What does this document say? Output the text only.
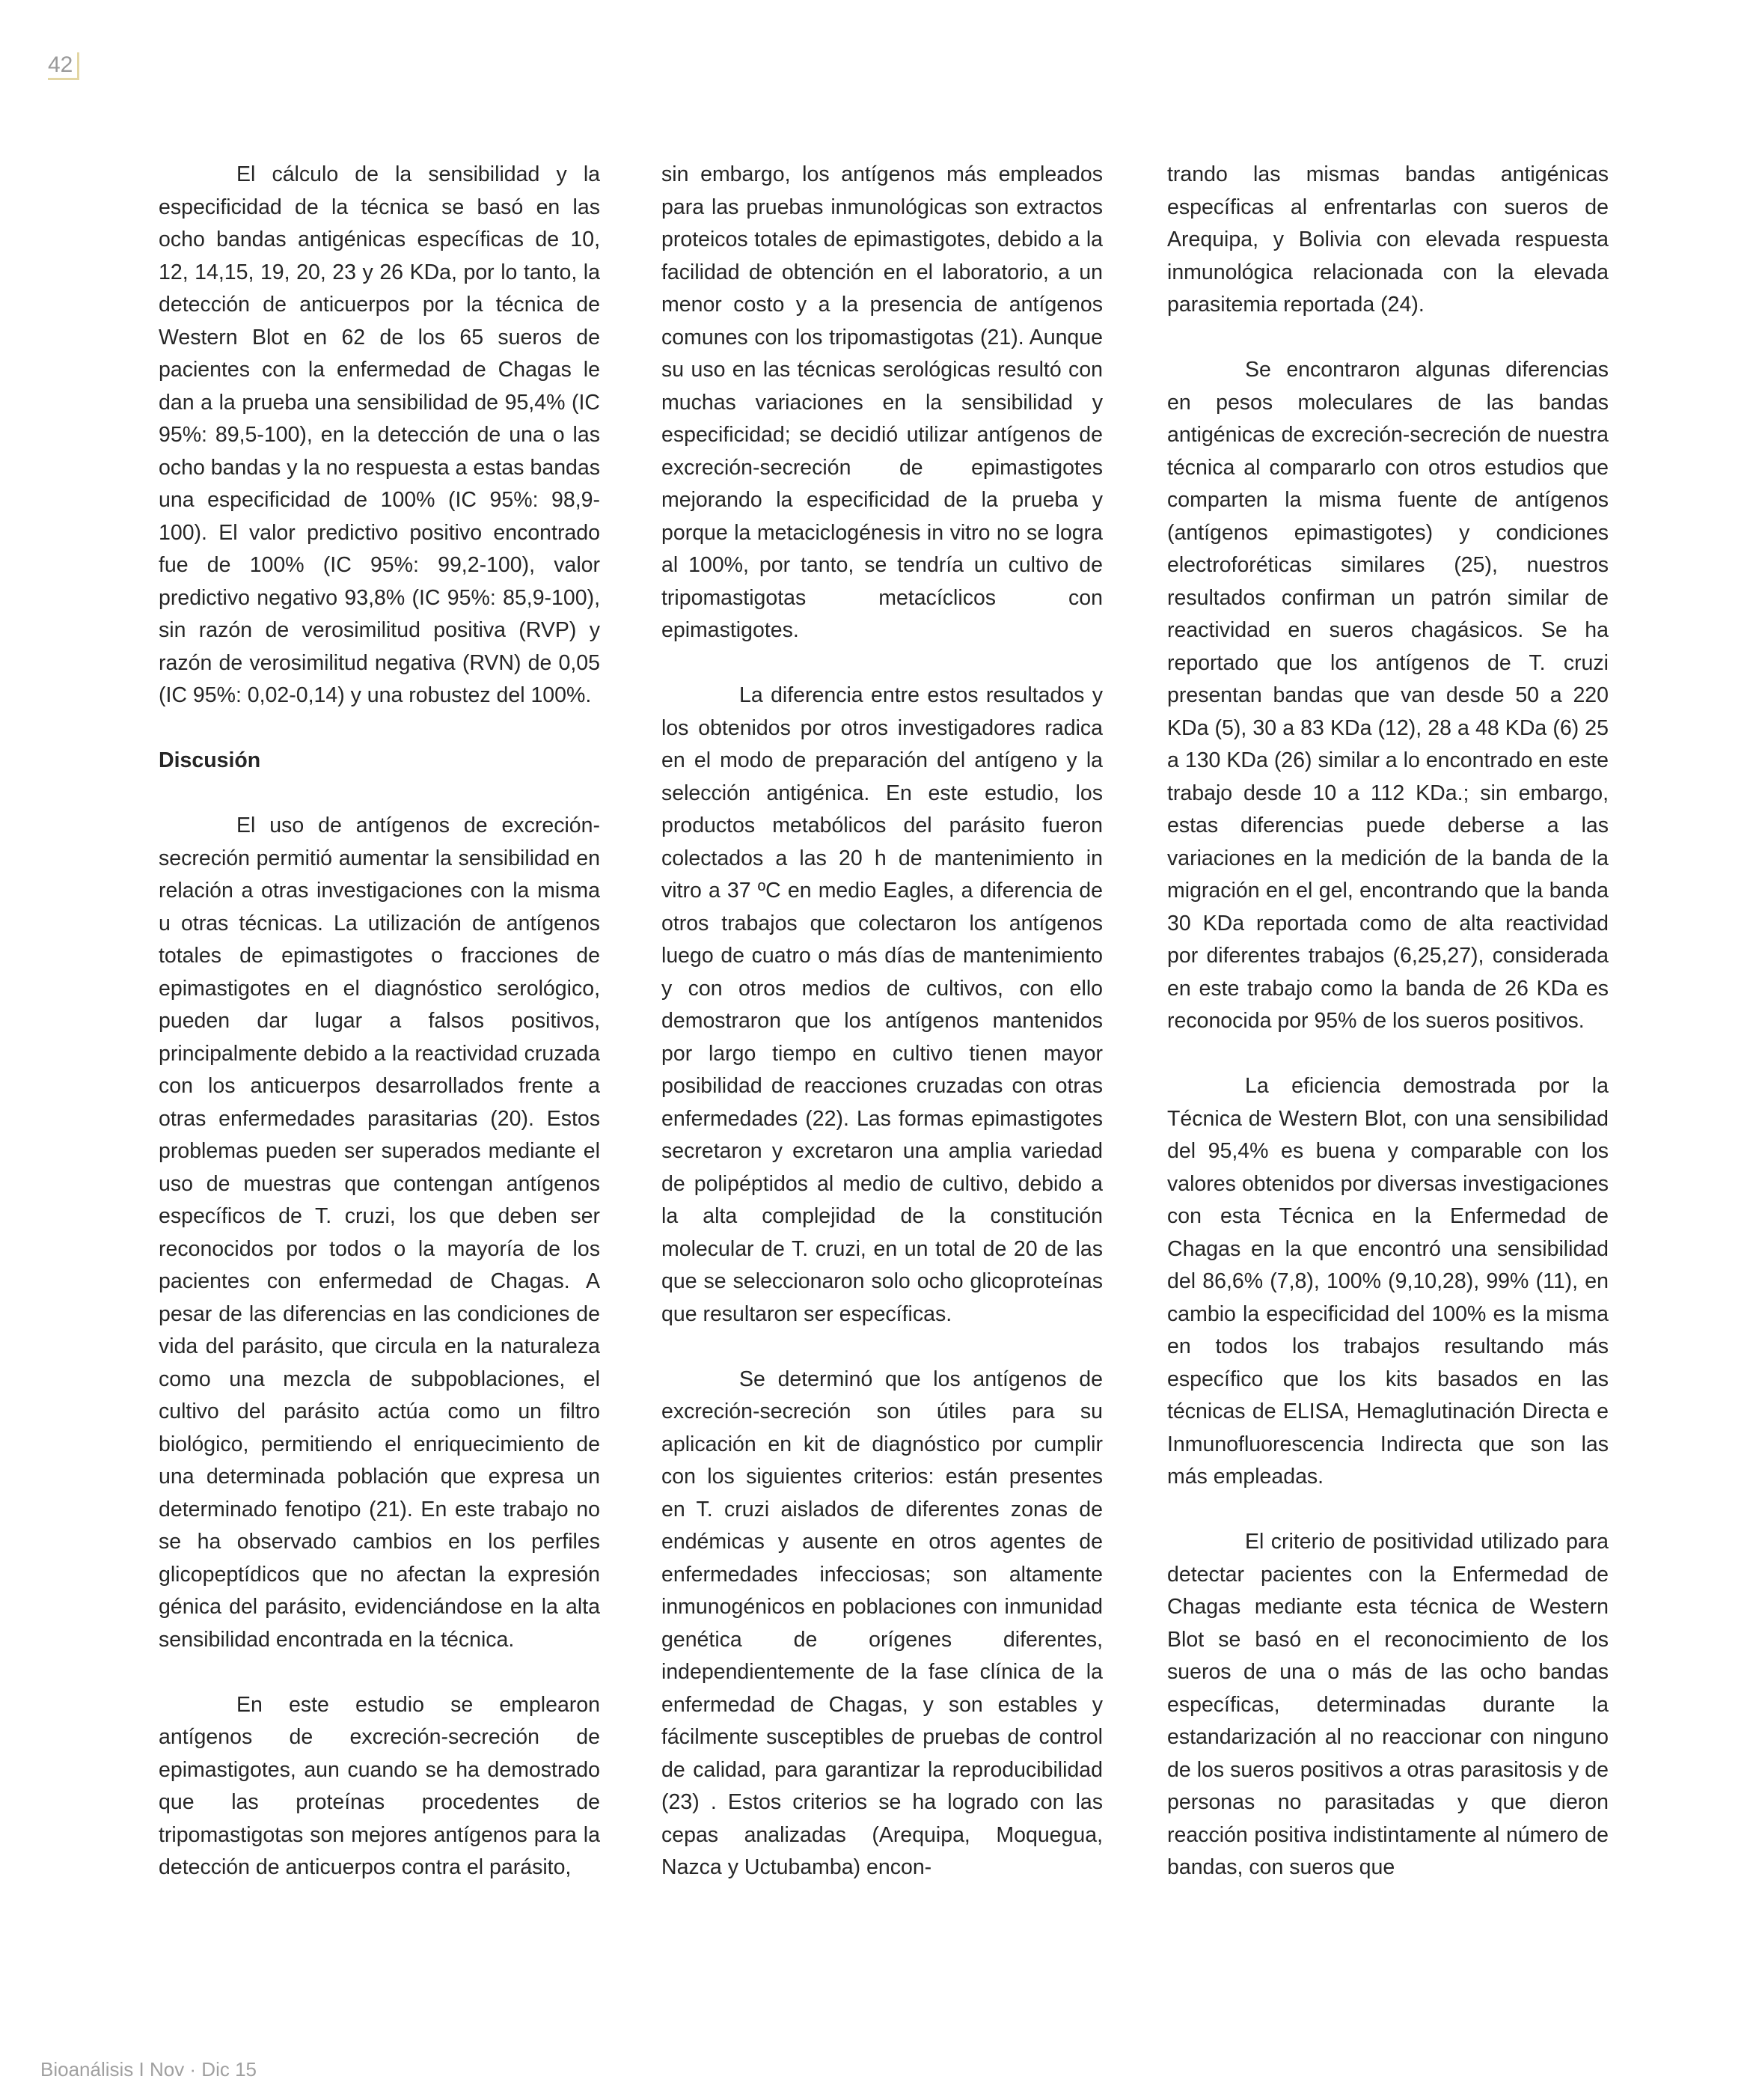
42

El cálculo de la sensibilidad y la especificidad de la técnica se basó en las ocho bandas antigénicas específicas de 10, 12, 14,15, 19, 20, 23 y 26 KDa, por lo tanto, la detección de anticuerpos por la técnica de Western Blot en 62 de los 65 sueros de pacientes con la enfermedad de Chagas le dan a la prueba una sensibilidad de 95,4% (IC 95%: 89,5-100), en la detección de una o las ocho bandas y la no respuesta a estas bandas una especificidad de 100% (IC 95%: 98,9-100). El valor predictivo positivo encontrado fue de 100% (IC 95%: 99,2-100), valor predictivo negativo 93,8% (IC 95%: 85,9-100), sin razón de verosimilitud positiva (RVP) y razón de verosimilitud negativa (RVN) de 0,05 (IC 95%: 0,02-0,14) y una robustez del 100%.

Discusión

El uso de antígenos de excreción-secreción permitió aumentar la sensibilidad en relación a otras investigaciones con la misma u otras técnicas. La utilización de antígenos totales de epimastigotes o fracciones de epimastigotes en el diagnóstico serológico, pueden dar lugar a falsos positivos, principalmente debido a la reactividad cruzada con los anticuerpos desarrollados frente a otras enfermedades parasitarias (20). Estos problemas pueden ser superados mediante el uso de muestras que contengan antígenos específicos de T. cruzi, los que deben ser reconocidos por todos o la mayoría de los pacientes con enfermedad de Chagas. A pesar de las diferencias en las condiciones de vida del parásito, que circula en la naturaleza como una mezcla de subpoblaciones, el cultivo del parásito actúa como un filtro biológico, permitiendo el enriquecimiento de una determinada población que expresa un determinado fenotipo (21). En este trabajo no se ha observado cambios en los perfiles glicopeptídicos que no afectan la expresión génica del parásito, evidenciándose en la alta sensibilidad encontrada en la técnica.

En este estudio se emplearon antígenos de excreción-secreción de epimastigotes, aun cuando se ha demostrado que las proteínas procedentes de tripomastigotas son mejores antígenos para la detección de anticuerpos contra el parásito,

sin embargo, los antígenos más empleados para las pruebas inmunológicas son extractos proteicos totales de epimastigotes, debido a la facilidad de obtención en el laboratorio, a un menor costo y a la presencia de antígenos comunes con los tripomastigotas (21). Aunque su uso en las técnicas serológicas resultó con muchas variaciones en la sensibilidad y especificidad; se decidió utilizar antígenos de excreción-secreción de epimastigotes mejorando la especificidad de la prueba y porque la metaciclogénesis in vitro no se logra al 100%, por tanto, se tendría un cultivo de tripomastigotas metacíclicos con epimastigotes.

La diferencia entre estos resultados y los obtenidos por otros investigadores radica en el modo de preparación del antígeno y la selección antigénica. En este estudio, los productos metabólicos del parásito fueron colectados a las 20 h de mantenimiento in vitro a 37 ºC en medio Eagles, a diferencia de otros trabajos que colectaron los antígenos luego de cuatro o más días de mantenimiento y con otros medios de cultivos, con ello demostraron que los antígenos mantenidos por largo tiempo en cultivo tienen mayor posibilidad de reacciones cruzadas con otras enfermedades (22). Las formas epimastigotes secretaron y excretaron una amplia variedad de polipéptidos al medio de cultivo, debido a la alta complejidad de la constitución molecular de T. cruzi, en un total de 20 de las que se seleccionaron solo ocho glicoproteínas que resultaron ser específicas.

Se determinó que los antígenos de excreción-secreción son útiles para su aplicación en kit de diagnóstico por cumplir con los siguientes criterios: están presentes en T. cruzi aislados de diferentes zonas de endémicas y ausente en otros agentes de enfermedades infecciosas; son altamente inmunogénicos en poblaciones con inmunidad genética de orígenes diferentes, independientemente de la fase clínica de la enfermedad de Chagas, y son estables y fácilmente susceptibles de pruebas de control de calidad, para garantizar la reproducibilidad (23) . Estos criterios se ha logrado con las cepas analizadas (Arequipa, Moquegua, Nazca y Uctubamba) encon-

trando las mismas bandas antigénicas específicas al enfrentarlas con sueros de Arequipa, y Bolivia con elevada respuesta inmunológica relacionada con la elevada parasitemia reportada (24).

Se encontraron algunas diferencias en pesos moleculares de las bandas antigénicas de excreción-secreción de nuestra técnica al compararlo con otros estudios que comparten la misma fuente de antígenos (antígenos epimastigotes) y condiciones electroforéticas similares (25), nuestros resultados confirman un patrón similar de reactividad en sueros chagásicos. Se ha reportado que los antígenos de T. cruzi presentan bandas que van desde 50 a 220 KDa (5), 30 a 83 KDa (12), 28 a 48 KDa (6) 25 a 130 KDa (26) similar a lo encontrado en este trabajo desde 10 a 112 KDa.; sin embargo, estas diferencias puede deberse a las variaciones en la medición de la banda de la migración en el gel, encontrando que la banda 30 KDa reportada como de alta reactividad por diferentes trabajos (6,25,27), considerada en este trabajo como la banda de 26 KDa es reconocida por 95% de los sueros positivos.

La eficiencia demostrada por la Técnica de Western Blot, con una sensibilidad del 95,4% es buena y comparable con los valores obtenidos por diversas investigaciones con esta Técnica en la Enfermedad de Chagas en la que encontró una sensibilidad del 86,6% (7,8), 100% (9,10,28), 99% (11), en cambio la especificidad del 100% es la misma en todos los trabajos resultando más específico que los kits basados en las técnicas de ELISA, Hemaglutinación Directa e Inmunofluorescencia Indirecta que son las más empleadas.

El criterio de positividad utilizado para detectar pacientes con la Enfermedad de Chagas mediante esta técnica de Western Blot se basó en el reconocimiento de los sueros de una o más de las ocho bandas específicas, determinadas durante la estandarización al no reaccionar con ninguno de los sueros positivos a otras parasitosis y de personas no parasitadas y que dieron reacción positiva indistintamente al número de bandas, con sueros que

Bioanálisis I Nov · Dic 15
